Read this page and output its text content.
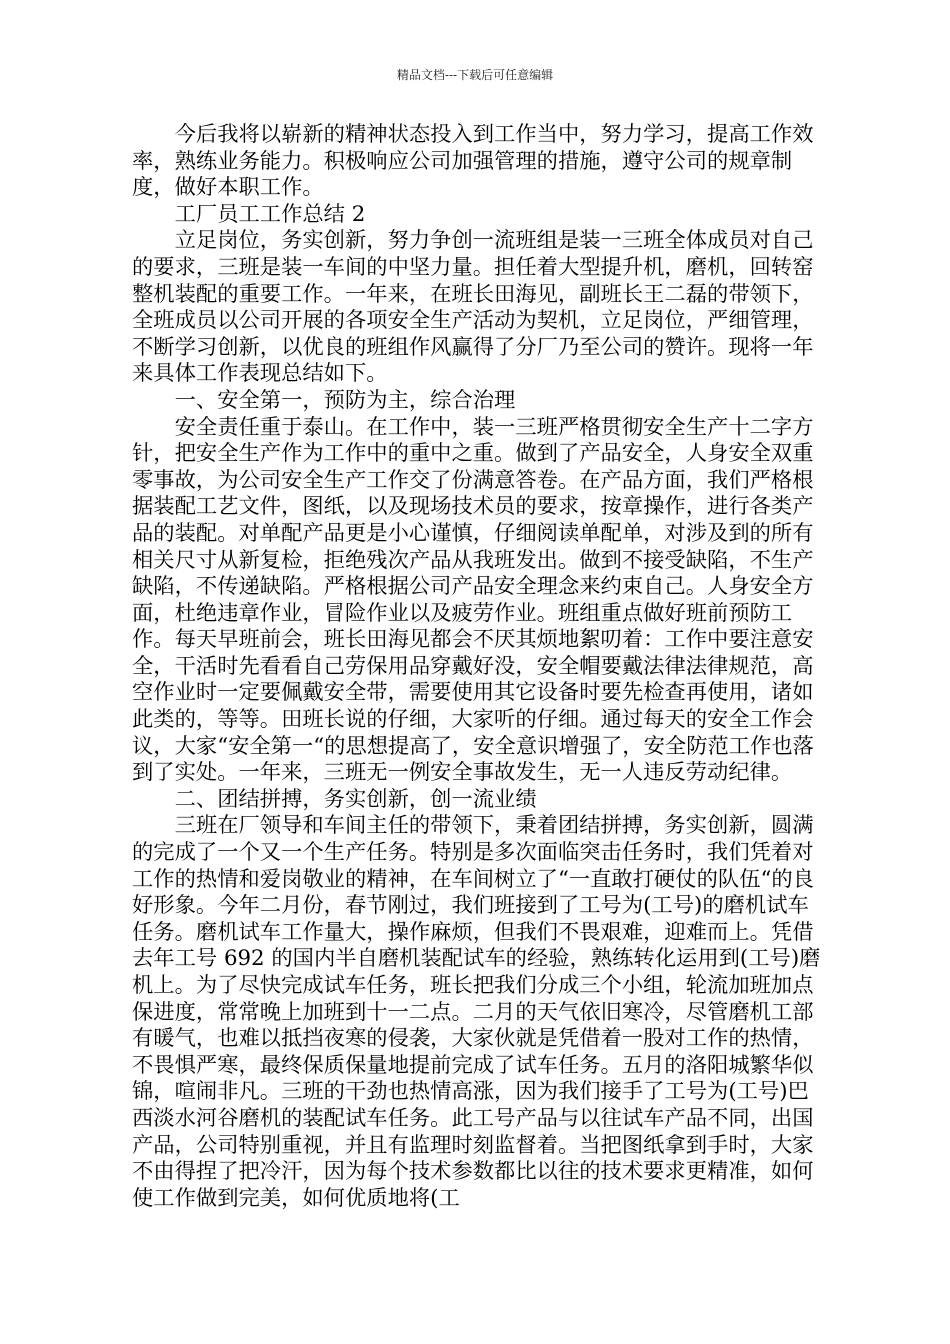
精品文档---下载后可任意编辑

今后我将以崭新的精神状态投入到工作当中，努力学习，提高工作效率，熟练业务能力。积极响应公司加强管理的措施，遵守公司的规章制度，做好本职工作。

工厂员工工作总结 2

立足岗位，务实创新，努力争创一流班组是装一三班全体成员对自己的要求，三班是装一车间的中坚力量。担任着大型提升机，磨机，回转窑整机装配的重要工作。一年来，在班长田海见，副班长王二磊的带领下，全班成员以公司开展的各项安全生产活动为契机，立足岗位，严细管理，不断学习创新，以优良的班组作风赢得了分厂乃至公司的赞许。现将一年来具体工作表现总结如下。

一、安全第一，预防为主，综合治理

安全责任重于泰山。在工作中，装一三班严格贯彻安全生产十二字方针，把安全生产作为工作中的重中之重。做到了产品安全，人身安全双重零事故，为公司安全生产工作交了份满意答卷。在产品方面，我们严格根据装配工艺文件，图纸，以及现场技术员的要求，按章操作，进行各类产品的装配。对单配产品更是小心谨慎，仔细阅读单配单，对涉及到的所有相关尺寸从新复检，拒绝残次产品从我班发出。做到不接受缺陷，不生产缺陷，不传递缺陷。严格根据公司产品安全理念来约束自己。人身安全方面，杜绝违章作业，冒险作业以及疲劳作业。班组重点做好班前预防工作。每天早班前会，班长田海见都会不厌其烦地絮叨着：工作中要注意安全，干活时先看看自己劳保用品穿戴好没，安全帽要戴法律法律规范，高空作业时一定要佩戴安全带，需要使用其它设备时要先检查再使用，诸如此类的，等等。田班长说的仔细，大家听的仔细。通过每天的安全工作会议，大家“安全第一“的思想提高了，安全意识增强了，安全防范工作也落到了实处。一年来，三班无一例安全事故发生，无一人违反劳动纪律。

二、团结拼搏，务实创新，创一流业绩

三班在厂领导和车间主任的带领下，秉着团结拼搏，务实创新，圆满的完成了一个又一个生产任务。特别是多次面临突击任务时，我们凭着对工作的热情和爱岗敬业的精神，在车间树立了“一直敢打硬仗的队伍“的良好形象。今年二月份，春节刚过，我们班接到了工号为(工号)的磨机试车任务。磨机试车工作量大，操作麻烦，但我们不畏艰难，迎难而上。凭借去年工号 692 的国内半自磨机装配试车的经验，熟练转化运用到(工号)磨机上。为了尽快完成试车任务，班长把我们分成三个小组，轮流加班加点保进度，常常晚上加班到十一二点。二月的天气依旧寒冷，尽管磨机工部有暖气，也难以抵挡夜寒的侵袭，大家伙就是凭借着一股对工作的热情，不畏惧严寒，最终保质保量地提前完成了试车任务。五月的洛阳城繁华似锦，喧闹非凡。三班的干劲也热情高涨，因为我们接手了工号为(工号)巴西淡水河谷磨机的装配试车任务。此工号产品与以往试车产品不同，出国产品，公司特别重视，并且有监理时刻监督着。当把图纸拿到手时，大家不由得捏了把冷汗，因为每个技术参数都比以往的技术要求更精准，如何使工作做到完美，如何优质地将(工
